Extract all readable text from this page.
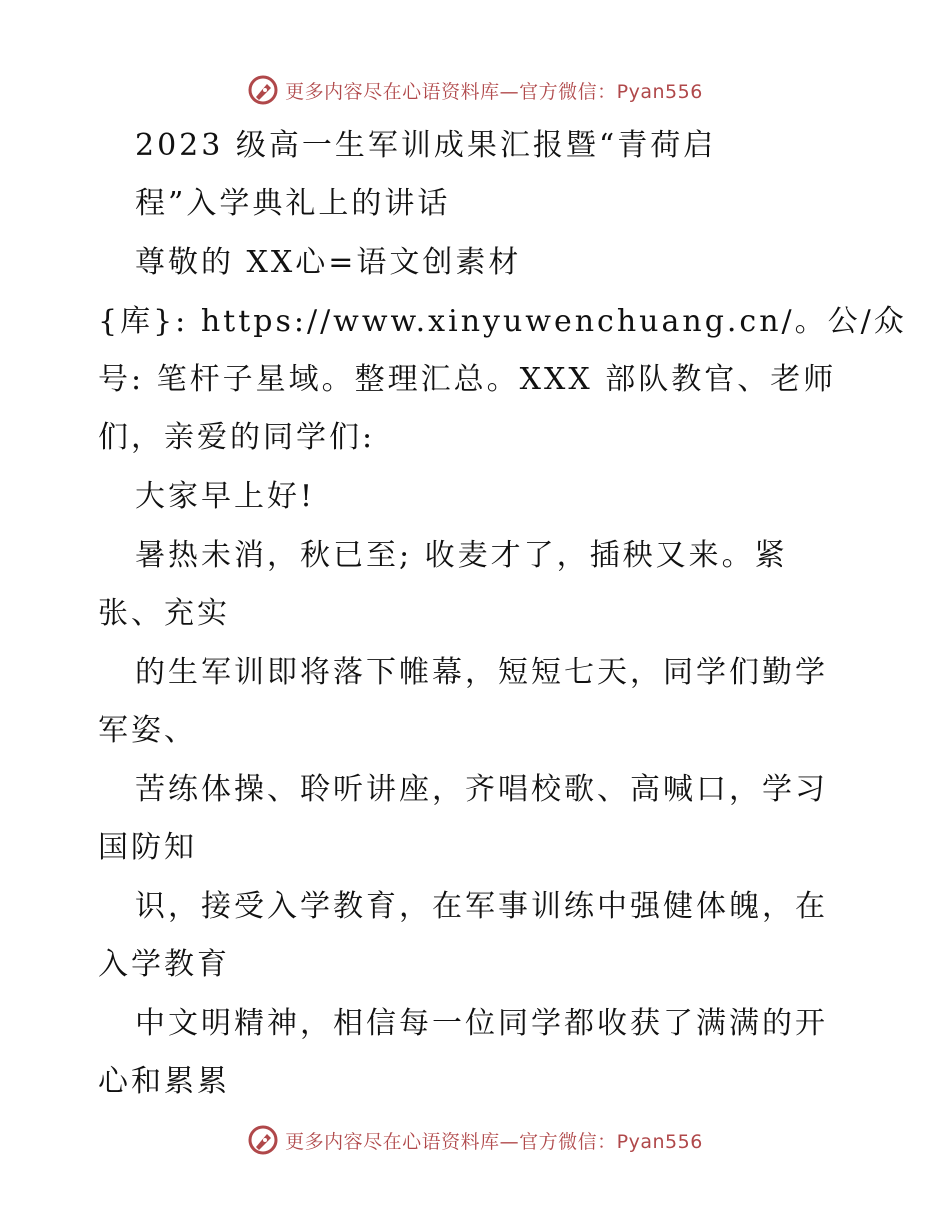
更多内容尽在心语资料库—官方微信：Pyan556
2023 级高一生军训成果汇报暨“青荷启
程”入学典礼上的讲话
尊敬的 XX心=语文创素材
{库}: https://www.xinyuwenchuang.cn/。公/众
号: 笔杆子星域。整理汇总。XXX 部队教官、老师
们，亲爱的同学们:
大家早上好!
暑热未消，秋已至; 收麦才了，插秧又来。紧
张、充实
的生军训即将落下帷幕，短短七天，同学们勤学
军姿、
苦练体操、聆听讲座，齐唱校歌、高喊口，学习
国防知
识，接受入学教育，在军事训练中强健体魄，在
入学教育
中文明精神，相信每一位同学都收获了满满的开
心和累累
更多内容尽在心语资料库—官方微信：Pyan556
